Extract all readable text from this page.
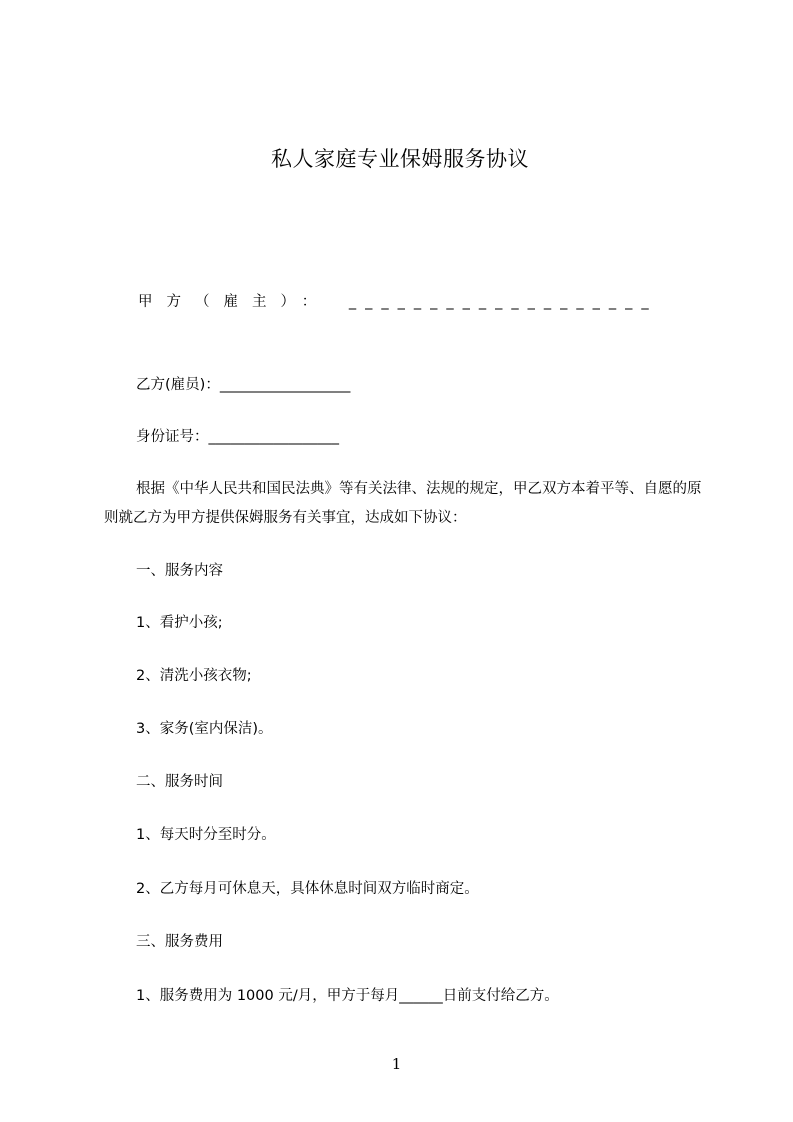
私人家庭专业保姆服务协议
甲方（雇主）： ___________________
乙方(雇员)：__________________
身份证号：__________________
根据《中华人民共和国民法典》等有关法律、法规的规定，甲乙双方本着平等、自愿的原则就乙方为甲方提供保姆服务有关事宜，达成如下协议：
一、服务内容
1、看护小孩;
2、清洗小孩衣物;
3、家务(室内保洁)。
二、服务时间
1、每天时分至时分。
2、乙方每月可休息天，具体休息时间双方临时商定。
三、服务费用
1、服务费用为 1000 元/月，甲方于每月______日前支付给乙方。
1
